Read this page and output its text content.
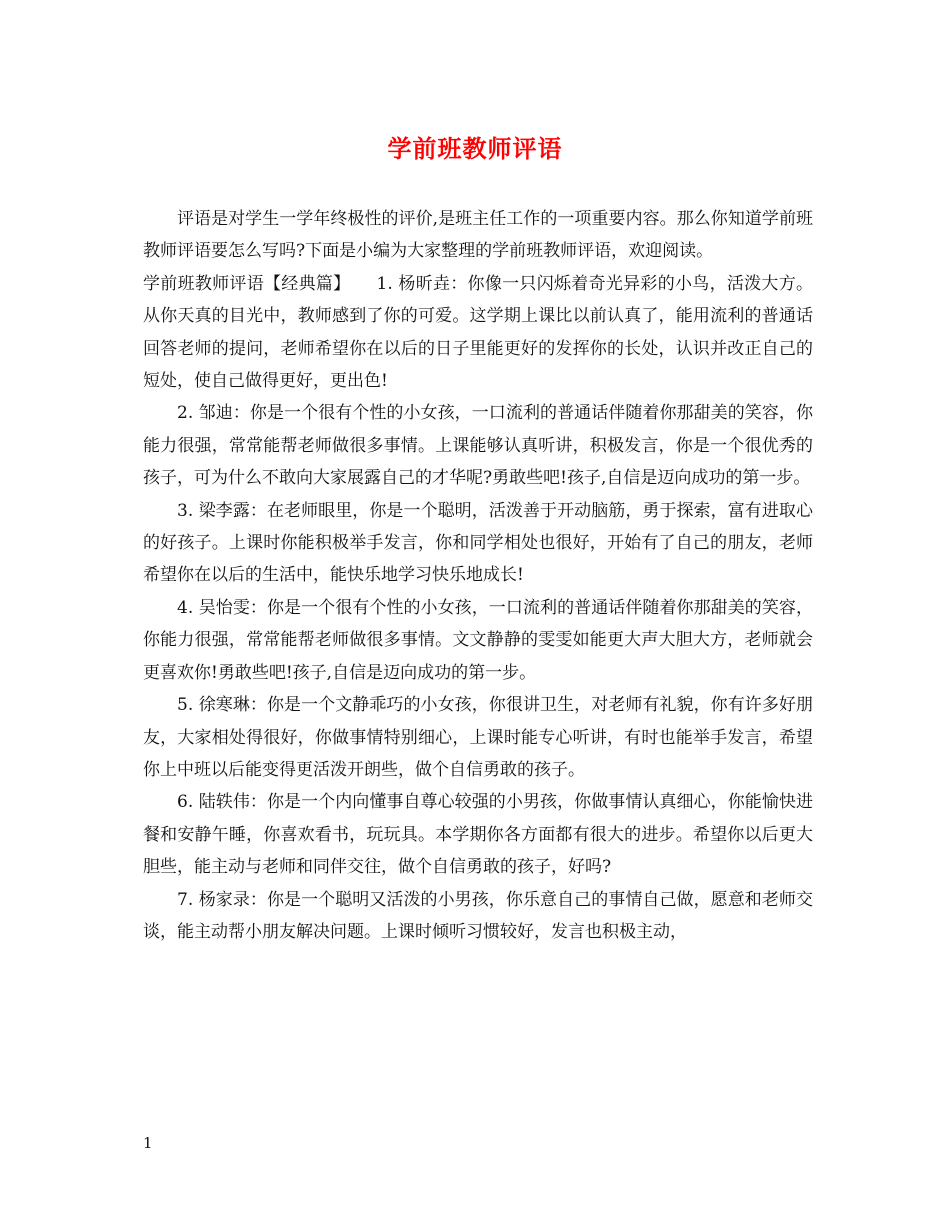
学前班教师评语

评语是对学生一学年终极性的评价,是班主任工作的一项重要内容。那么你知道学前班教师评语要怎么写吗?下面是小编为大家整理的学前班教师评语，欢迎阅读。

学前班教师评语【经典篇】　　1. 杨昕垚：你像一只闪烁着奇光异彩的小鸟，活泼大方。从你天真的目光中，教师感到了你的可爱。这学期上课比以前认真了，能用流利的普通话回答老师的提问，老师希望你在以后的日子里能更好的发挥你的长处，认识并改正自己的短处，使自己做得更好，更出色!

2. 邹迪：你是一个很有个性的小女孩，一口流利的普通话伴随着你那甜美的笑容，你能力很强，常常能帮老师做很多事情。上课能够认真听讲，积极发言，你是一个很优秀的孩子，可为什么不敢向大家展露自己的才华呢?勇敢些吧!孩子,自信是迈向成功的第一步。

3. 梁李露：在老师眼里，你是一个聪明，活泼善于开动脑筋，勇于探索，富有进取心的好孩子。上课时你能积极举手发言，你和同学相处也很好，开始有了自己的朋友，老师希望你在以后的生活中，能快乐地学习快乐地成长!

4. 吴怡雯：你是一个很有个性的小女孩，一口流利的普通话伴随着你那甜美的笑容，你能力很强，常常能帮老师做很多事情。文文静静的雯雯如能更大声大胆大方，老师就会更喜欢你!勇敢些吧!孩子,自信是迈向成功的第一步。

5. 徐寒琳：你是一个文静乖巧的小女孩，你很讲卫生，对老师有礼貌，你有许多好朋友，大家相处得很好，你做事情特别细心，上课时能专心听讲，有时也能举手发言，希望你上中班以后能变得更活泼开朗些，做个自信勇敢的孩子。

6. 陆轶伟：你是一个内向懂事自尊心较强的小男孩，你做事情认真细心，你能愉快进餐和安静午睡，你喜欢看书，玩玩具。本学期你各方面都有很大的进步。希望你以后更大胆些，能主动与老师和同伴交往，做个自信勇敢的孩子，好吗?

7. 杨家录：你是一个聪明又活泼的小男孩，你乐意自己的事情自己做，愿意和老师交谈，能主动帮小朋友解决问题。上课时倾听习惯较好，发言也积极主动，

1
